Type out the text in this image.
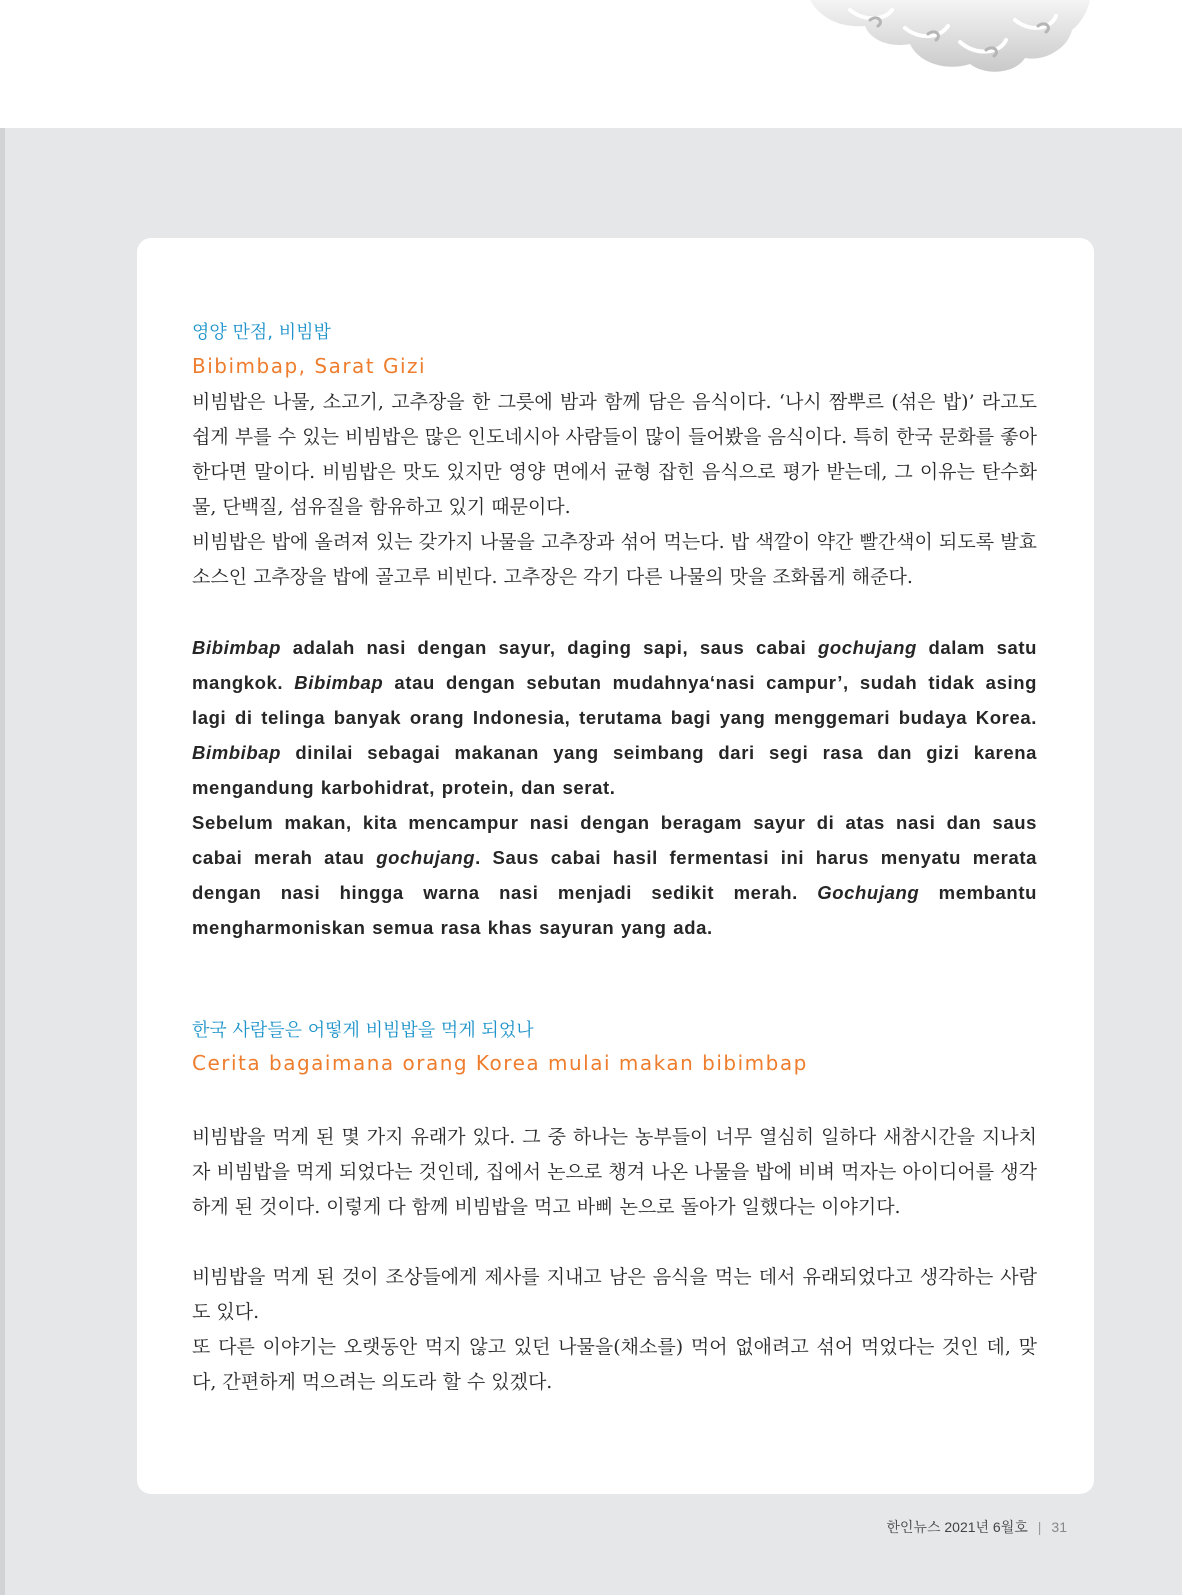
영양 만점, 비빔밥
Bibimbap, Sarat Gizi

비빔밥은 나물, 소고기, 고추장을 한 그릇에 밤과 함께 담은 음식이다. ‘나시 짬뿌르 (섞은 밥)’ 라고도 쉽게 부를 수 있는 비빔밥은 많은 인도네시아 사람들이 많이 들어봤을 음식이다. 특히 한국 문화를 좋아한다면 말이다. 비빔밥은 맛도 있지만 영양 면에서 균형 잡힌 음식으로 평가 받는데, 그 이유는 탄수화물, 단백질, 섬유질을 함유하고 있기 때문이다.

비빔밥은 밥에 올려져 있는 갖가지 나물을 고추장과 섞어 먹는다. 밥 색깔이 약간 빨간색이 되도록 발효 소스인 고추장을 밥에 골고루 비빈다. 고추장은 각기 다른 나물의 맛을 조화롭게 해준다.

Bibimbap adalah nasi dengan sayur, daging sapi, saus cabai gochujang dalam satu mangkok. Bibimbap atau dengan sebutan mudahnya‘nasi campur’, sudah tidak asing lagi di telinga banyak orang Indonesia, terutama bagi yang menggemari budaya Korea. Bimbibap dinilai sebagai makanan yang seimbang dari segi rasa dan gizi karena mengandung karbohidrat, protein, dan serat.

Sebelum makan, kita mencampur nasi dengan beragam sayur di atas nasi dan saus cabai merah atau gochujang. Saus cabai hasil fermentasi ini harus menyatu merata dengan nasi hingga warna nasi menjadi sedikit merah. Gochujang membantu mengharmoniskan semua rasa khas sayuran yang ada.

한국 사람들은 어떻게 비빔밥을 먹게 되었나
Cerita bagaimana orang Korea mulai makan bibimbap

비빔밥을 먹게 된 몇 가지 유래가 있다. 그 중 하나는 농부들이 너무 열심히 일하다 새참시간을 지나치자 비빔밥을 먹게 되었다는 것인데, 집에서 논으로 챙겨 나온 나물을 밥에 비벼 먹자는 아이디어를 생각하게 된 것이다. 이렇게 다 함께 비빔밥을 먹고 바삐 논으로 돌아가 일했다는 이야기다.

비빔밥을 먹게 된 것이 조상들에게 제사를 지내고 남은 음식을 먹는 데서 유래되었다고 생각하는 사람도 있다.

또 다른 이야기는 오랫동안 먹지 않고 있던 나물을(채소를) 먹어 없애려고 섞어 먹었다는 것인 데, 맞다, 간편하게 먹으려는 의도라 할 수 있겠다.

한인뉴스 2021년 6월호 | 31
